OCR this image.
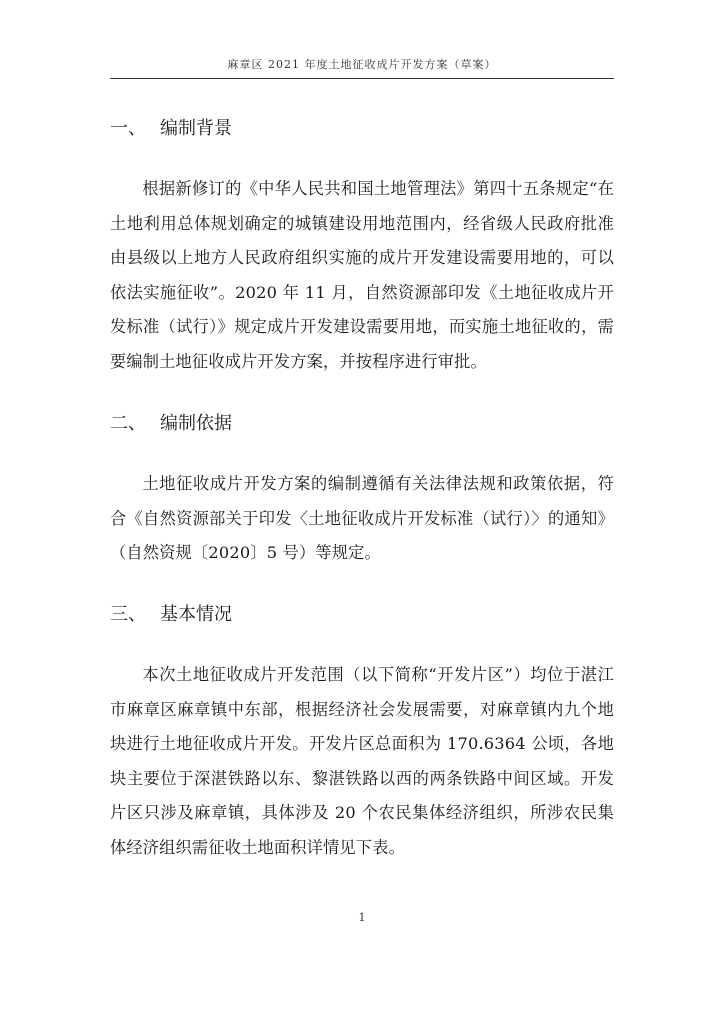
麻章区 2021 年度土地征收成片开发方案（草案）
一、 编制背景

根据新修订的《中华人民共和国土地管理法》第四十五条规定“在土地利用总体规划确定的城镇建设用地范围内，经省级人民政府批准由县级以上地方人民政府组织实施的成片开发建设需要用地的，可以依法实施征收”。2020 年 11 月，自然资源部印发《土地征收成片开发标准（试行）》规定成片开发建设需要用地，而实施土地征收的，需要编制土地征收成片开发方案，并按程序进行审批。

二、 编制依据

土地征收成片开发方案的编制遵循有关法律法规和政策依据，符合《自然资源部关于印发〈土地征收成片开发标准（试行）〉的通知》（自然资规〔2020〕5 号）等规定。

三、 基本情况

本次土地征收成片开发范围（以下简称“开发片区”）均位于湛江市麻章区麻章镇中东部，根据经济社会发展需要，对麻章镇内九个地块进行土地征收成片开发。开发片区总面积为 170.6364 公顷，各地块主要位于深湛铁路以东、黎湛铁路以西的两条铁路中间区域。开发片区只涉及麻章镇，具体涉及 20 个农民集体经济组织，所涉农民集体经济组织需征收土地面积详情见下表。

1
